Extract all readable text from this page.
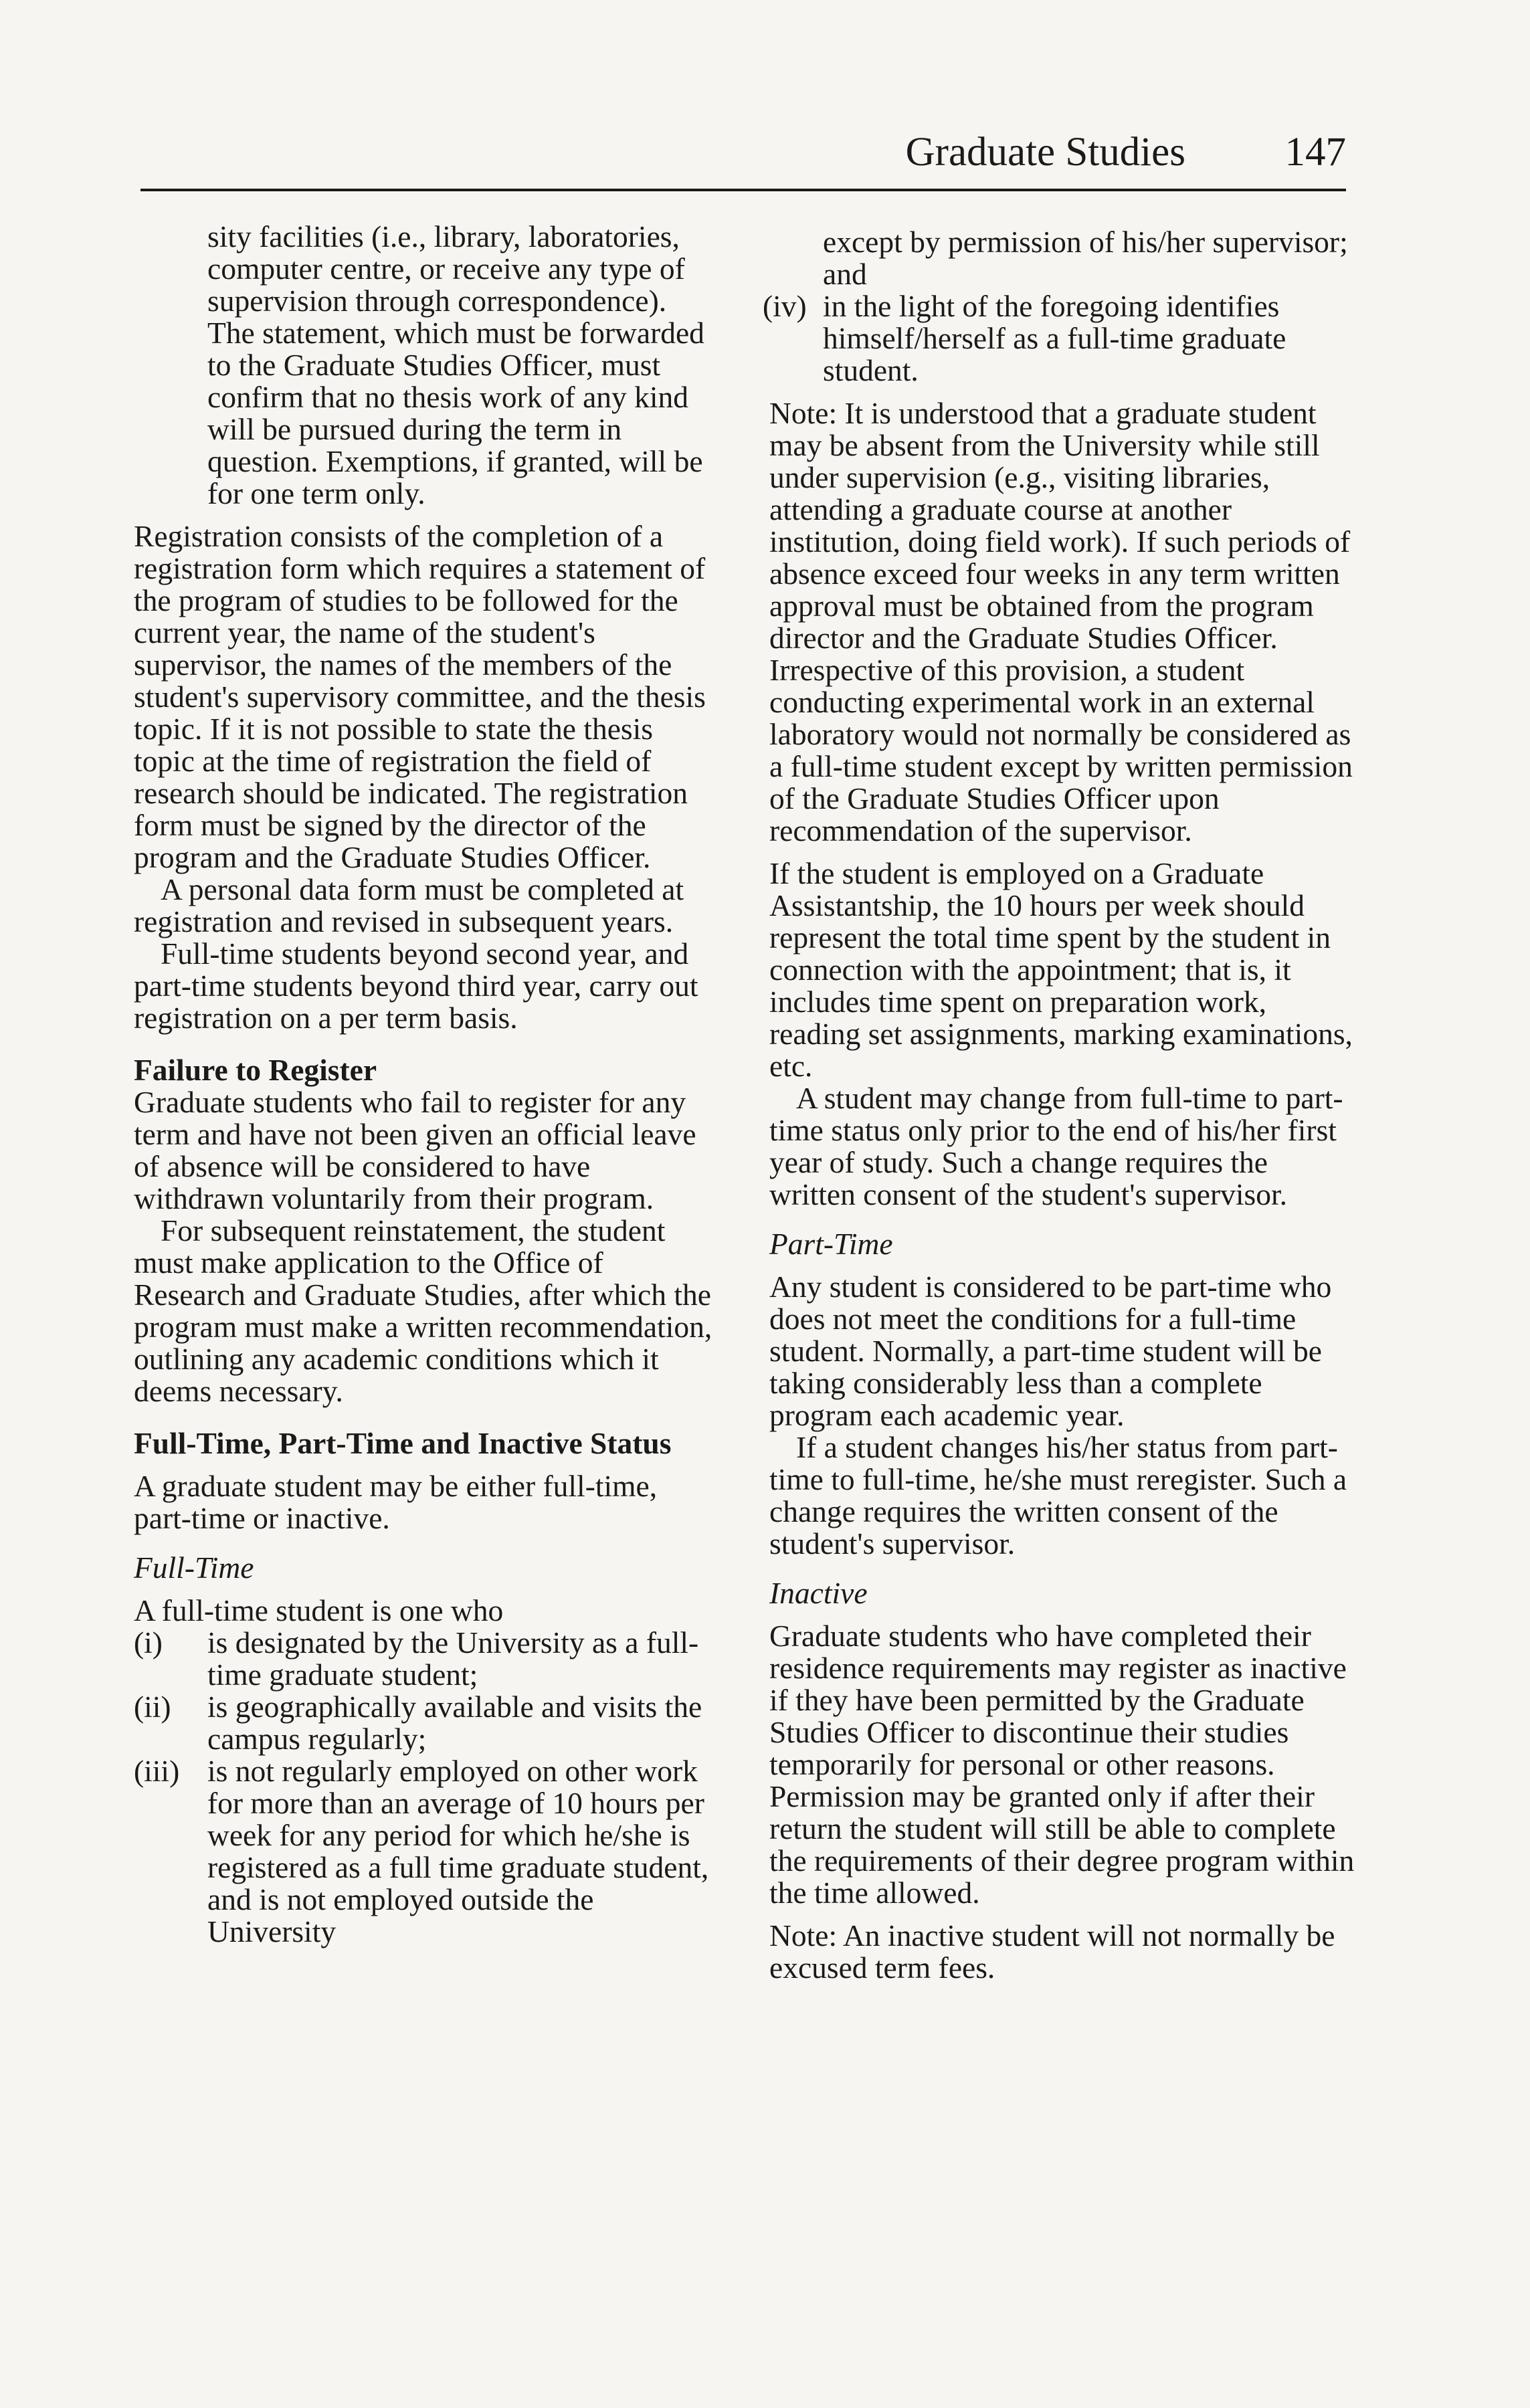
Graduate Studies 147

sity facilities (i.e., library, laboratories, computer centre, or receive any type of supervision through correspondence). The statement, which must be forwarded to the Graduate Studies Officer, must confirm that no thesis work of any kind will be pursued during the term in question. Exemptions, if granted, will be for one term only.

Registration consists of the completion of a registration form which requires a statement of the program of studies to be followed for the current year, the name of the student's supervisor, the names of the members of the student's supervisory committee, and the thesis topic. If it is not possible to state the thesis topic at the time of registration the field of research should be indicated. The registration form must be signed by the director of the program and the Graduate Studies Officer.

A personal data form must be completed at registration and revised in subsequent years.

Full-time students beyond second year, and part-time students beyond third year, carry out registration on a per term basis.

Failure to Register

Graduate students who fail to register for any term and have not been given an official leave of absence will be considered to have withdrawn voluntarily from their program.

For subsequent reinstatement, the student must make application to the Office of Research and Graduate Studies, after which the program must make a written recommendation, outlining any academic conditions which it deems necessary.

Full-Time, Part-Time and Inactive Status

A graduate student may be either full-time, part-time or inactive.

Full-Time

A full-time student is one who

(i) is designated by the University as a full-time graduate student;
(ii) is geographically available and visits the campus regularly;
(iii) is not regularly employed on other work for more than an average of 10 hours per week for any period for which he/she is registered as a full time graduate student, and is not employed outside the University

except by permission of his/her supervisor; and

(iv) in the light of the foregoing identifies himself/herself as a full-time graduate student.

Note: It is understood that a graduate student may be absent from the University while still under supervision (e.g., visiting libraries, attending a graduate course at another institution, doing field work). If such periods of absence exceed four weeks in any term written approval must be obtained from the program director and the Graduate Studies Officer. Irrespective of this provision, a student conducting experimental work in an external laboratory would not normally be considered as a full-time student except by written permission of the Graduate Studies Officer upon recommendation of the supervisor.

If the student is employed on a Graduate Assistantship, the 10 hours per week should represent the total time spent by the student in connection with the appointment; that is, it includes time spent on preparation work, reading set assignments, marking examinations, etc.

A student may change from full-time to part-time status only prior to the end of his/her first year of study. Such a change requires the written consent of the student's supervisor.

Part-Time

Any student is considered to be part-time who does not meet the conditions for a full-time student. Normally, a part-time student will be taking considerably less than a complete program each academic year.

If a student changes his/her status from part-time to full-time, he/she must reregister. Such a change requires the written consent of the student's supervisor.

Inactive

Graduate students who have completed their residence requirements may register as inactive if they have been permitted by the Graduate Studies Officer to discontinue their studies temporarily for personal or other reasons. Permission may be granted only if after their return the student will still be able to complete the requirements of their degree program within the time allowed.

Note: An inactive student will not normally be excused term fees.
